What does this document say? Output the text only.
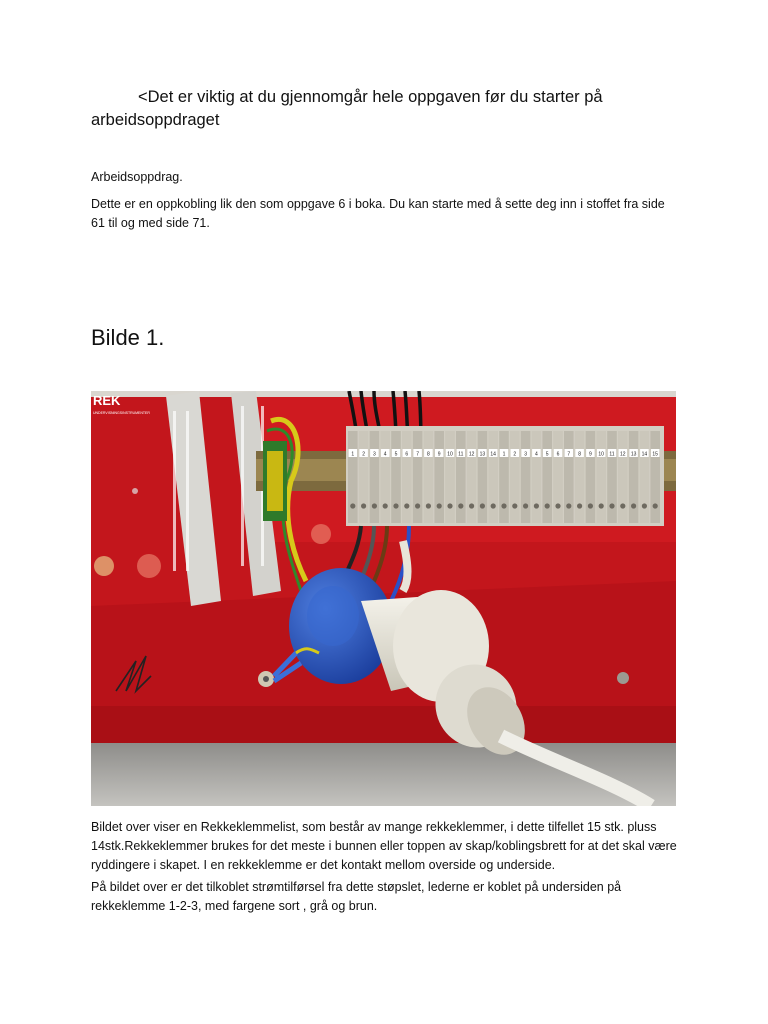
<Det er viktig at du gjennomgår hele oppgaven før du starter på arbeidsoppdraget

Arbeidsoppdrag.

Dette er en oppkobling lik den som oppgave 6 i boka. Du kan starte med å sette deg inn i stoffet fra side 61 til og med side 71.

Bilde 1.

REK
UNDERVISNINGSINSTRUMENTER
1 2 3 4 5 6 7 8 9 10 11 12 13 14 1 2 3 4 5 6 7 8 9 10 11 12 13 14 15

Bildet over viser en Rekkeklemmelist, som består av mange rekkeklemmer, i dette tilfellet 15 stk. pluss 14stk.Rekkeklemmer brukes for det meste i bunnen eller toppen av skap/koblingsbrett for at det skal være ryddingere i skapet. I en rekkeklemme er det kontakt mellom overside og underside.

På bildet over er det tilkoblet strømtilførsel fra dette støpslet, lederne er koblet på undersiden på rekkeklemme 1-2-3, med fargene sort , grå og brun.
